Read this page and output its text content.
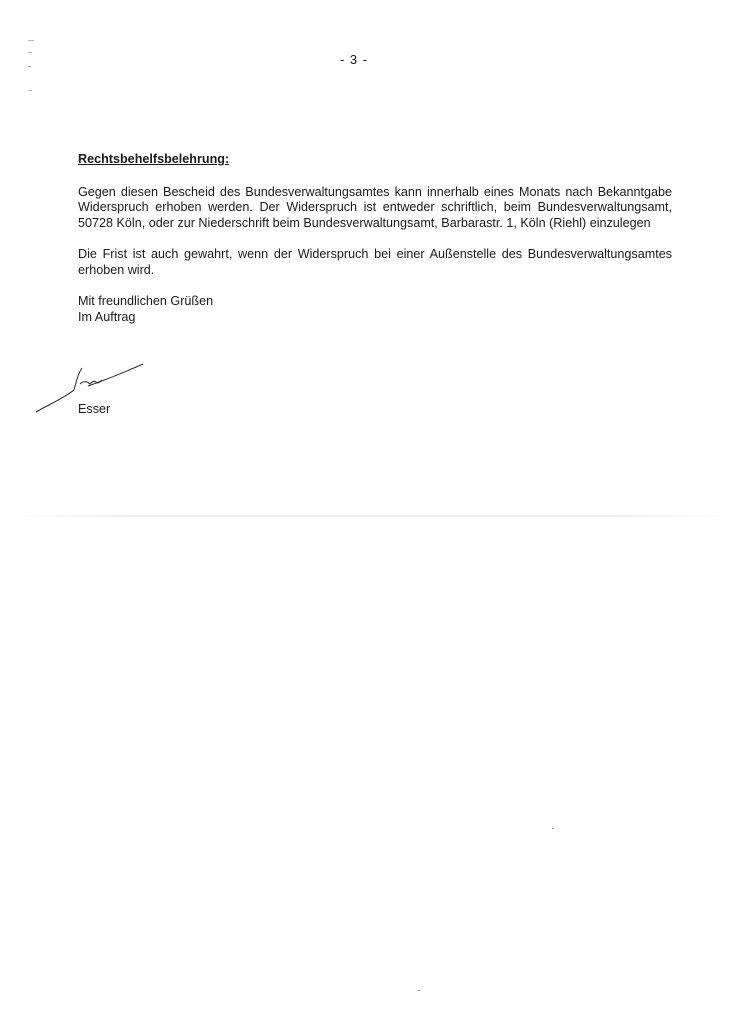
- 3 -

Rechtsbehelfsbelehrung:

Gegen diesen Bescheid des Bundesverwaltungsamtes kann innerhalb eines Monats nach Bekanntgabe Widerspruch erhoben werden. Der Widerspruch ist entweder schriftlich, beim Bundesverwaltungsamt, 50728 Köln, oder zur Niederschrift beim Bundesverwaltungsamt, Barbarastr. 1, Köln (Riehl) einzulegen

Die Frist ist auch gewahrt, wenn der Widerspruch bei einer Außenstelle des Bundesverwaltungsamtes erhoben wird.

Mit freundlichen Grüßen

Im Auftrag

Esser
